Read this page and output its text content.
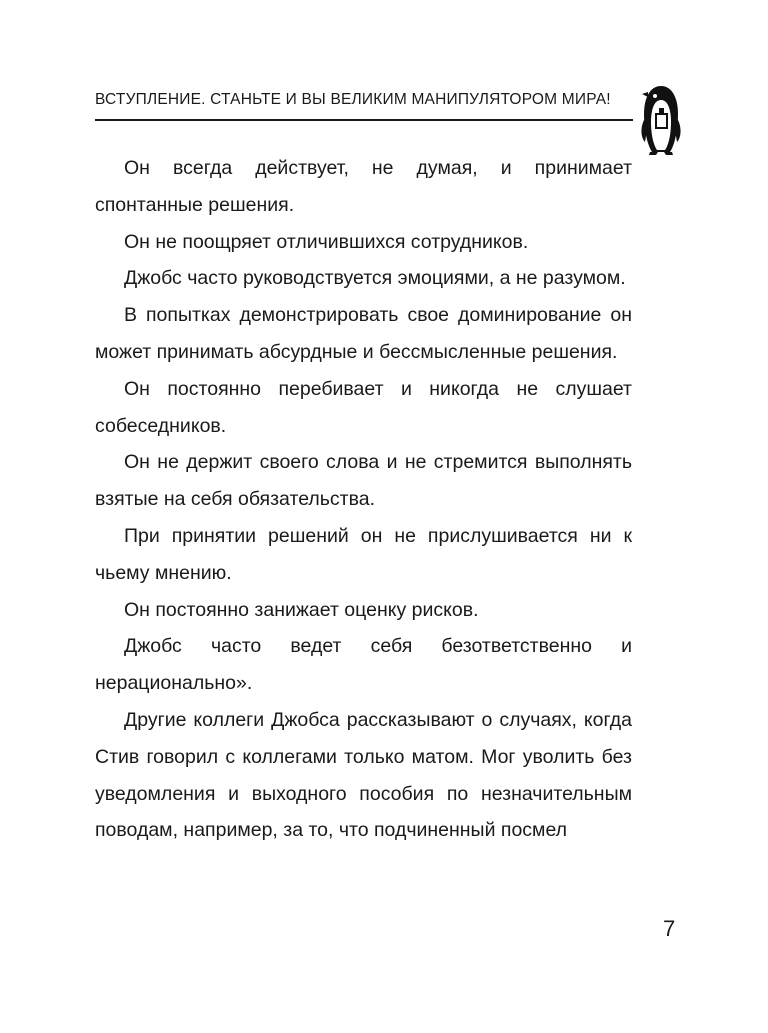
ВСТУПЛЕНИЕ. СТАНЬТЕ И ВЫ ВЕЛИКИМ МАНИПУЛЯТОРОМ МИРА!

Он всегда действует, не думая, и принимает спонтанные решения.

Он не поощряет отличившихся сотрудников.

Джобс часто руководствуется эмоциями, а не разумом.

В попытках демонстрировать свое доминирование он может принимать абсурдные и бессмысленные решения.

Он постоянно перебивает и никогда не слушает собеседников.

Он не держит своего слова и не стремится выполнять взятые на себя обязательства.

При принятии решений он не прислушивается ни к чьему мнению.

Он постоянно занижает оценку рисков.

Джобс часто ведет себя безответственно и нерационально».

Другие коллеги Джобса рассказывают о случаях, когда Стив говорил с коллегами только матом. Мог уволить без уведомления и выходного пособия по незначительным поводам, например, за то, что подчиненный посмел

7
